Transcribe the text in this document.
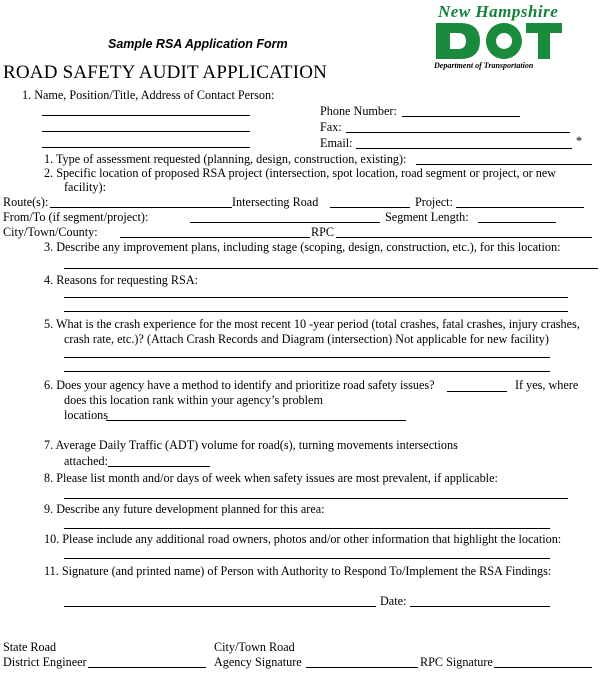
Sample RSA Application Form
ROAD SAFETY AUDIT APPLICATION
New Hampshire
Department of Transportation
1. Name, Position/Title, Address of Contact Person:
Phone Number:
Fax:
Email:	*
1. Type of assessment requested (planning, design, construction, existing):
2. Specific location of proposed RSA project (intersection, spot location, road segment or project, or new
facility):
Route(s):	Intersecting Road	Project:
From/To (if segment/project):	Segment Length:
City/Town/County:	RPC
3. Describe any improvement plans, including stage (scoping, design, construction, etc.), for this location:
4. Reasons for requesting RSA:
5. What is the crash experience for the most recent 10 -year period (total crashes, fatal crashes, injury crashes,
crash rate, etc.)? (Attach Crash Records and Diagram (intersection) Not applicable for new facility)
6. Does your agency have a method to identify and prioritize road safety issues?	If yes, where
does this location rank within your agency’s problem
locations
7. Average Daily Traffic (ADT) volume for road(s), turning movements intersections
attached:
8. Please list month and/or days of week when safety issues are most prevalent, if applicable:
9. Describe any future development planned for this area:
10. Please include any additional road owners, photos and/or other information that highlight the location:
11. Signature (and printed name) of Person with Authority to Respond To/Implement the RSA Findings:
Date:
State Road
District Engineer
City/Town Road
Agency Signature	RPC Signature
